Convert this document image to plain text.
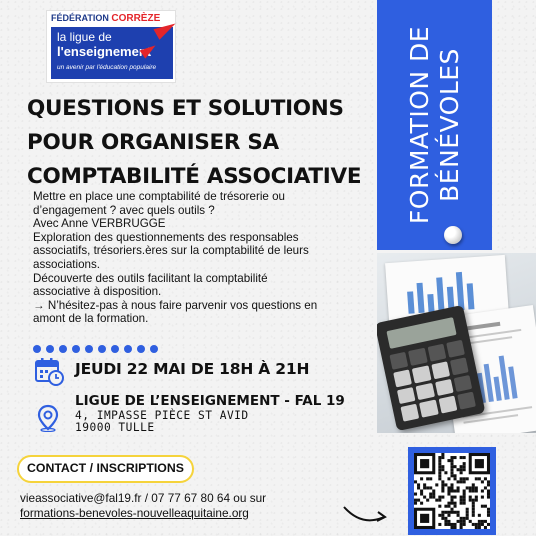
FÉDÉRATION CORRÈZE
la ligue de
l'enseignement
un avenir par l'éducation populaire
QUESTIONS ET SOLUTIONS
POUR ORGANISER SA
COMPTABILITÉ ASSOCIATIVE

Mettre en place une comptabilité de trésorerie ou

d’engagement ? avec quels outils ?

Avec Anne VERBRUGGE

Exploration des questionnements des responsables

associatifs, trésoriers.ères sur la comptabilité de leurs

associations.

Découverte des outils facilitant la comptabilité

associative à disposition.

→ N’hésitez-pas à nous faire parvenir vos questions en

amont de la formation.

FORMATION DE BÉNÉVOLES
JEUDI 22 MAI DE 18H À 21H
LIGUE DE L’ENSEIGNEMENT - FAL 19
4, IMPASSE PIÈCE ST AVID
19000 TULLE
CONTACT / INSCRIPTIONS
vieassociative@fal19.fr / 07 77 67 80 64 ou sur
formations-benevoles-nouvelleaquitaine.org
